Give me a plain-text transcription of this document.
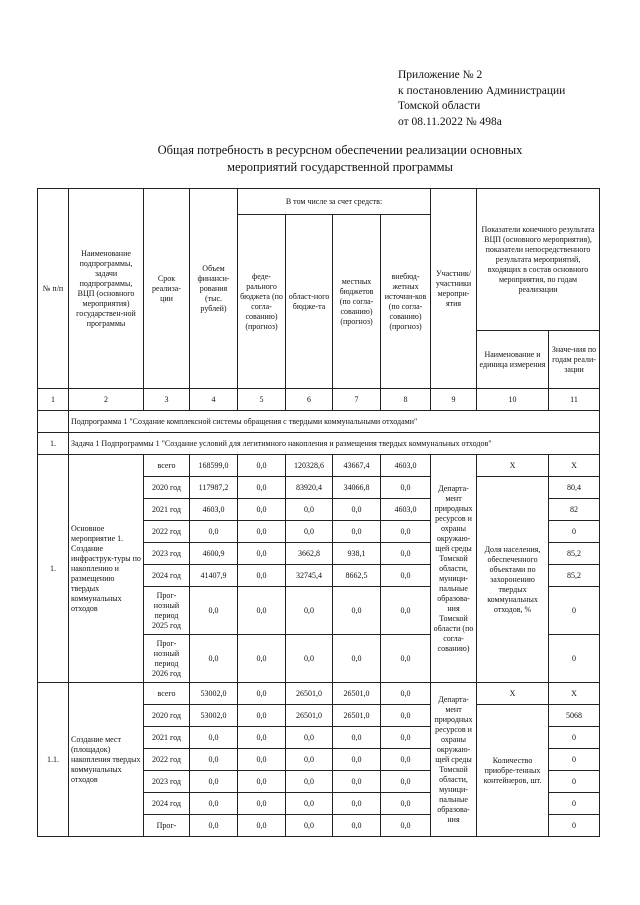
Приложение № 2
к постановлению Администрации
Томской области
от 08.11.2022 № 498а
Общая потребность в ресурсном обеспечении реализации основных
мероприятий государственной программы
№ п/п	Наименование подпрограммы, задачи подпрограммы, ВЦП (основного мероприятия) государствен-ной программы	Срок реализа-ции	Объем финанси-рования (тыс. рублей)	В том числе за счет средств:				Участник/ участники меропри-ятия	Показатели конечного результата ВЦП (основного мероприятия), показатели непосредственного результата мероприятий, входящих в состав основного мероприятия, по годам реализации	
				феде-рального бюджета (по согла-сованию) (прогноз)	област-ного бюдже-та	местных бюджетов (по согла-сованию) (прогноз)	внебюд-жетных источни-ков (по согла-сованию) (прогноз)			
									Наименование и единица измерения	Значе-ния по годам реали-зации
1	2	3	4	5	6	7	8	9	10	11
	Подпрограмма 1 "Создание комплексной системы обращения с твердыми коммунальными отходами"									
1.	Задача 1 Подпрограммы 1 "Создание условий для легитимного накопления и размещения твердых коммунальных отходов"									
1.	Основное мероприятие 1. Создание инфраструк-туры по накоплению и размещению твердых коммунальных отходов	всего	168599,0	0,0	120328,6	43667,4	4603,0	Департа-мент природных ресурсов и охраны окружаю-щей среды Томской области, муници-пальные образова-ния Томской области (по согла-сованию)	X	X
		2020 год	117987,2	0,0	83920,4	34066,8	0,0		Доля населения, обеспеченного объектами по захоронению твердых коммунальных отходов, %	80,4
		2021 год	4603,0	0,0	0,0	0,0	4603,0			82
		2022 год	0,0	0,0	0,0	0,0	0,0			0
		2023 год	4600,9	0,0	3662,8	938,1	0,0			85,2
		2024 год	41407,9	0,0	32745,4	8662,5	0,0			85,2
		Прог-нозный период 2025 год	0,0	0,0	0,0	0,0	0,0			0
		Прог-нозный период 2026 год	0,0	0,0	0,0	0,0	0,0			0
1.1.	Создание мест (площадок) накопления твердых коммунальных отходов	всего	53002,0	0,0	26501,0	26501,0	0,0	Департа-мент природных ресурсов и охраны окружаю-щей среды Томской области, муници-пальные образова-ния	X	X
		2020 год	53002,0	0,0	26501,0	26501,0	0,0		Количество приобре-тенных контейнеров, шт.	5068
		2021 год	0,0	0,0	0,0	0,0	0,0			0
		2022 год	0,0	0,0	0,0	0,0	0,0			0
		2023 год	0,0	0,0	0,0	0,0	0,0			0
		2024 год	0,0	0,0	0,0	0,0	0,0			0
		Прог-	0,0	0,0	0,0	0,0	0,0			0
